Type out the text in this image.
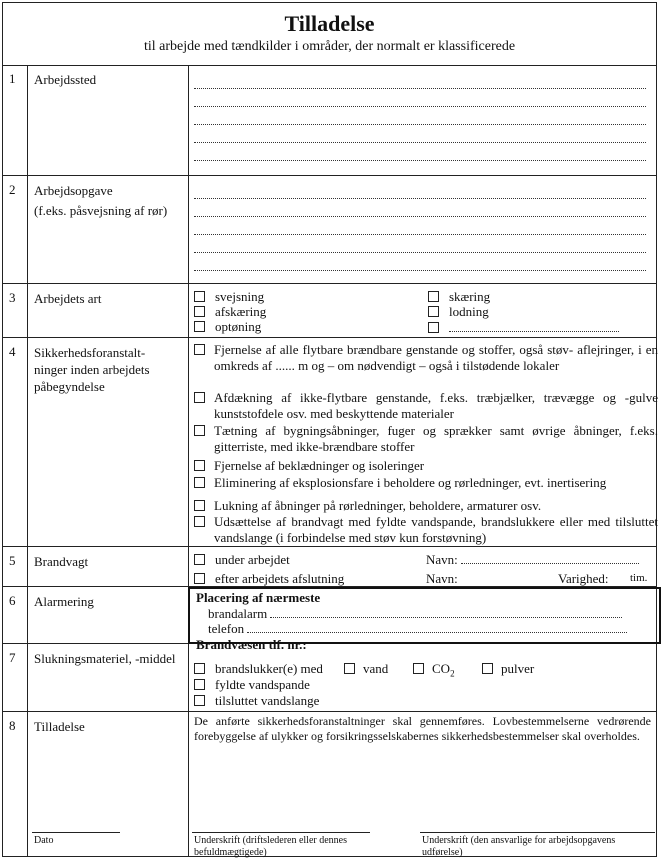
Tilladelse
til arbejde med tændkilder i områder, der normalt er klassificerede
1 Arbejdssted
2 Arbejdsopgave
(f.eks. påsvejsning af rør)
3 Arbejdets art	svejsning	skæring
afskæring	lodning
optøning
4 Sikkerhedsforanstalt- ninger inden arbejdets påbegyndelse
Fjernelse af alle flytbare brændbare genstande og stoffer, også støv- aflejringer, i en omkreds af ...... m og – om nødvendigt – også i tilstødende lokaler
Afdækning af ikke-flytbare genstande, f.eks. træbjælker, trævægge og -gulve kunststofdele osv. med beskyttende materialer
Tætning af bygningsåbninger, fuger og sprækker samt øvrige åbninger, f.eks. gitterriste, med ikke-brændbare stoffer
Fjernelse af beklædninger og isoleringer
Eliminering af eksplosionsfare i beholdere og rørledninger, evt. inertisering
Lukning af åbninger på rørledninger, beholdere, armaturer osv.
Udsættelse af brandvagt med fyldte vandspande, brandslukkere eller med tilsluttet vandslange (i forbindelse med støv kun forstøvning)
5 Brandvagt	under arbejdet	Navn:
efter arbejdets afslutning	Navn:	Varighed: tim.
6 Alarmering	Placering af nærmeste
brandalarm
telefon
Brandvæsen tlf. nr.:
7 Slukningsmateriel, -middel
brandslukker(e) med	vand	$CO_2$	pulver
fyldte vandspande
tilsluttet vandslange
8 Tilladelse	De anførte sikkerhedsforanstaltninger skal gennemføres. Lovbestemmelserne vedrørende forebyggelse af ulykker og forsikringsselskabernes sikkerhedsbestemmelser skal overholdes.
Dato	Underskrift (driftslederen eller dennes befuldmægtigede)
Underskrift (den ansvarlige for arbejdsopgavens udførelse)
